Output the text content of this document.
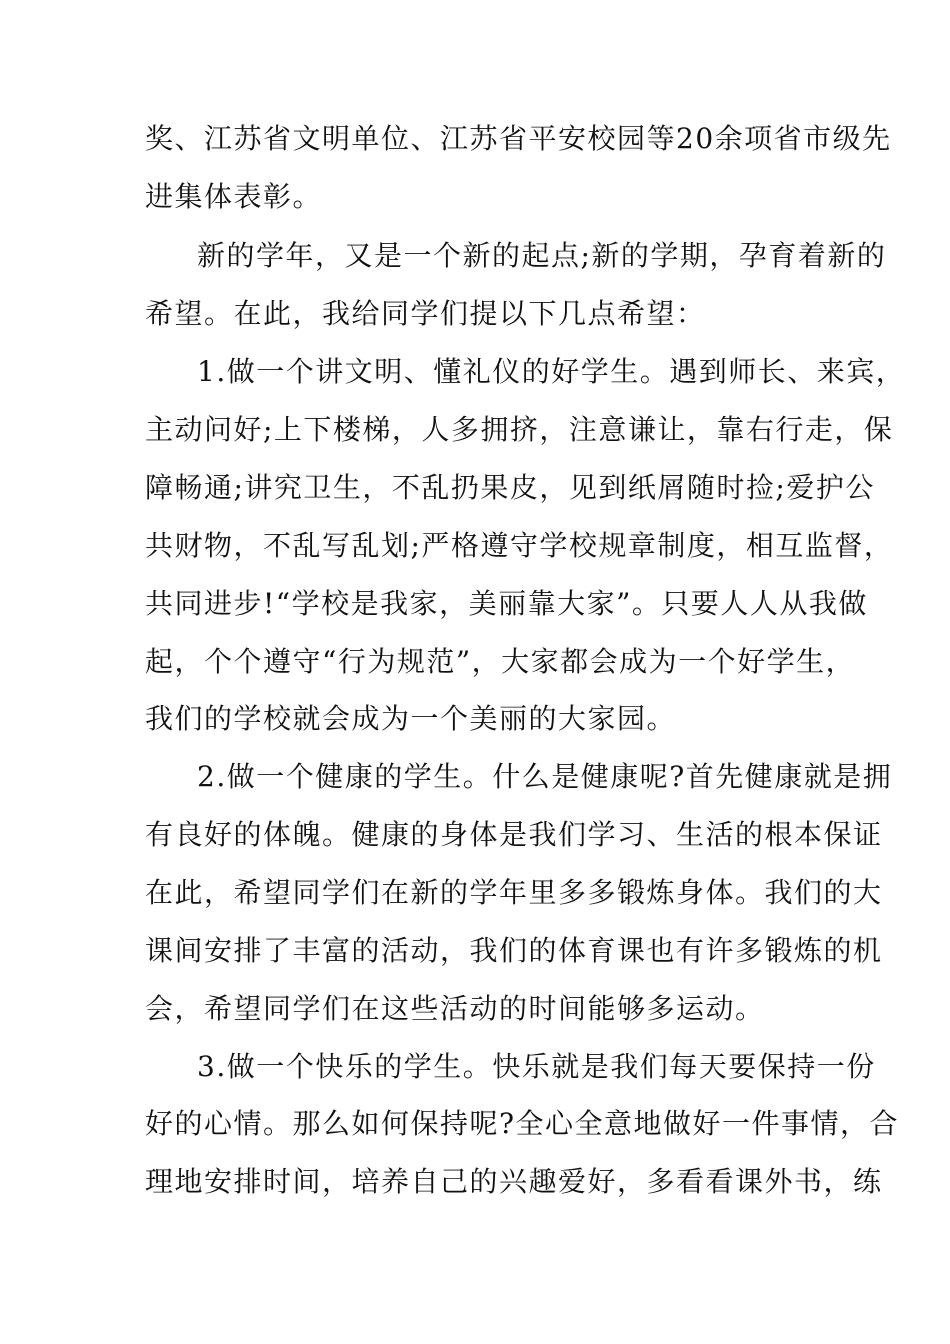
奖、江苏省文明单位、江苏省平安校园等20余项省市级先
进集体表彰。
新的学年，又是一个新的起点;新的学期，孕育着新的
希望。在此，我给同学们提以下几点希望：
1.做一个讲文明、懂礼仪的好学生。遇到师长、来宾，
主动问好;上下楼梯，人多拥挤，注意谦让，靠右行走，保
障畅通;讲究卫生，不乱扔果皮，见到纸屑随时捡;爱护公
共财物，不乱写乱划;严格遵守学校规章制度，相互监督，
共同进步!“学校是我家，美丽靠大家”。只要人人从我做
起，个个遵守“行为规范”，大家都会成为一个好学生，
我们的学校就会成为一个美丽的大家园。
2.做一个健康的学生。什么是健康呢?首先健康就是拥
有良好的体魄。健康的身体是我们学习、生活的根本保证
在此，希望同学们在新的学年里多多锻炼身体。我们的大
课间安排了丰富的活动，我们的体育课也有许多锻炼的机
会，希望同学们在这些活动的时间能够多运动。
3.做一个快乐的学生。快乐就是我们每天要保持一份
好的心情。那么如何保持呢?全心全意地做好一件事情，合
理地安排时间，培养自己的兴趣爱好，多看看课外书，练
